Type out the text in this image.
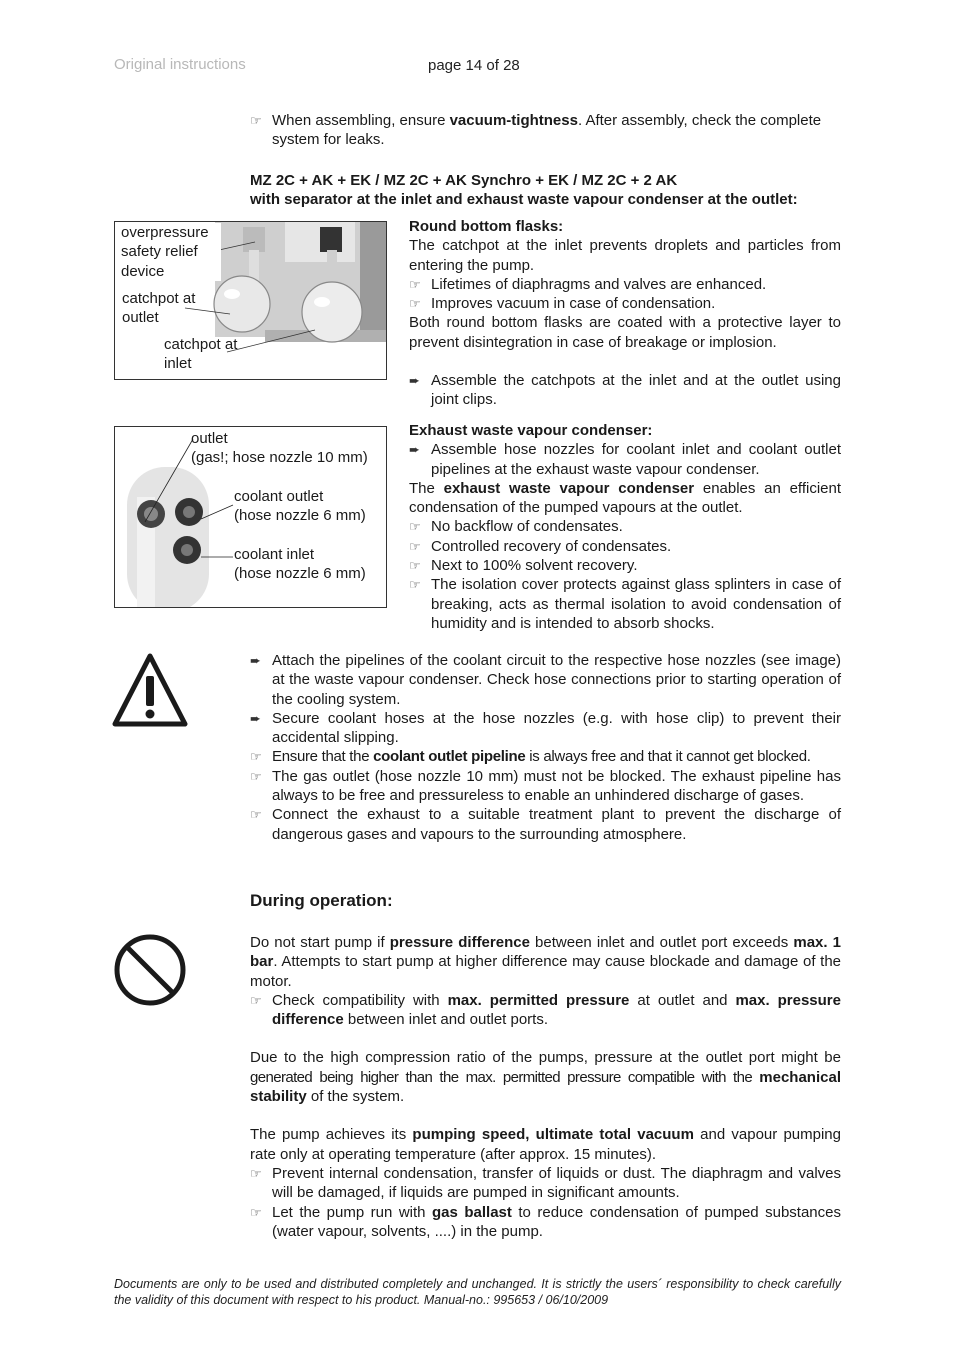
Original instructions	page 14 of 28
☞ When assembling, ensure vacuum-tightness. After assembly, check the complete system for leaks.
MZ 2C + AK + EK / MZ 2C + AK Synchro + EK / MZ 2C + 2 AK
with separator at the inlet and exhaust waste vapour condenser at the outlet:
overpressure safety relief device
catchpot at outlet
catchpot at inlet
outlet
(gas!; hose nozzle 10 mm)
coolant outlet
(hose nozzle 6 mm)
coolant inlet
(hose nozzle 6 mm)
Round bottom flasks:
The catchpot at the inlet prevents droplets and particles from entering the pump.
☞ Lifetimes of diaphragms and valves are enhanced.
☞ Improves vacuum in case of condensation.
Both round bottom flasks are coated with a protective layer to prevent disintegration in case of breakage or implosion.
➨ Assemble the catchpots at the inlet and at the outlet using joint clips.
Exhaust waste vapour condenser:
➨ Assemble hose nozzles for coolant inlet and coolant outlet pipelines at the exhaust waste vapour condenser.
The exhaust waste vapour condenser enables an efficient condensation of the pumped vapours at the outlet.
☞ No backflow of condensates.
☞ Controlled recovery of condensates.
☞ Next to 100% solvent recovery.
☞ The isolation cover protects against glass splinters in case of breaking, acts as thermal isolation to avoid condensation of humidity and is intended to absorb shocks.
➨ Attach the pipelines of the coolant circuit to the respective hose nozzles (see image) at the waste vapour condenser. Check hose connections prior to starting operation of the cooling system.
➨ Secure coolant hoses at the hose nozzles (e.g. with hose clip) to prevent their accidental slipping.
☞ Ensure that the coolant outlet pipeline is always free and that it cannot get blocked.
☞ The gas outlet (hose nozzle 10 mm) must not be blocked. The exhaust pipeline has always to be free and pressureless to enable an unhindered discharge of gases.
☞ Connect the exhaust to a suitable treatment plant to prevent the discharge of dangerous gases and vapours to the surrounding atmosphere.
During operation:
Do not start pump if pressure difference between inlet and outlet port exceeds max. 1 bar. Attempts to start pump at higher difference may cause blockade and damage of the motor.
☞ Check compatibility with max. permitted pressure at outlet and max. pressure difference between inlet and outlet ports.
Due to the high compression ratio of the pumps, pressure at the outlet port might be generated being higher than the max. permitted pressure compatible with the mechanical stability of the system.
The pump achieves its pumping speed, ultimate total vacuum and vapour pumping rate only at operating temperature (after approx. 15 minutes).
☞ Prevent internal condensation, transfer of liquids or dust. The diaphragm and valves will be damaged, if liquids are pumped in significant amounts.
☞ Let the pump run with gas ballast to reduce condensation of pumped substances (water vapour, solvents, ....) in the pump.
Documents are only to be used and distributed completely and unchanged. It is strictly the users´ responsibility to check carefully the validity of this document with respect to his product. Manual-no.: 995653 / 06/10/2009
